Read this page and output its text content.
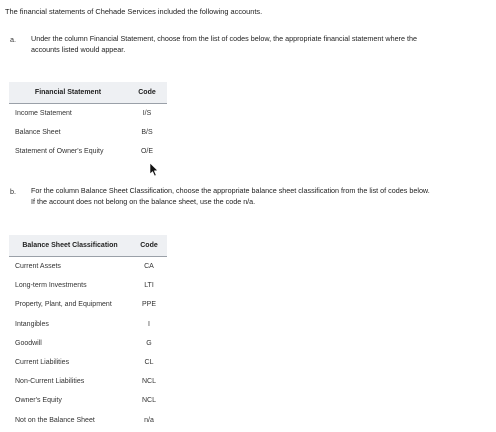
The financial statements of Chehade Services included the following accounts.
a. Under the column Financial Statement, choose from the list of codes below, the appropriate financial statement where the
accounts listed would appear.
Financial Statement	Code
Income Statement	I/S
Balance Sheet	B/S
Statement of Owner's Equity	O/E
b. For the column Balance Sheet Classification, choose the appropriate balance sheet classification from the list of codes below.
If the account does not belong on the balance sheet, use the code n/a.
Balance Sheet Classification	Code
Current Assets	CA
Long-term Investments	LTI
Property, Plant, and Equipment	PPE
Intangibles	I
Goodwill	G
Current Liabilities	CL
Non-Current Liabilities	NCL
Owner's Equity	NCL
Not on the Balance Sheet	n/a
